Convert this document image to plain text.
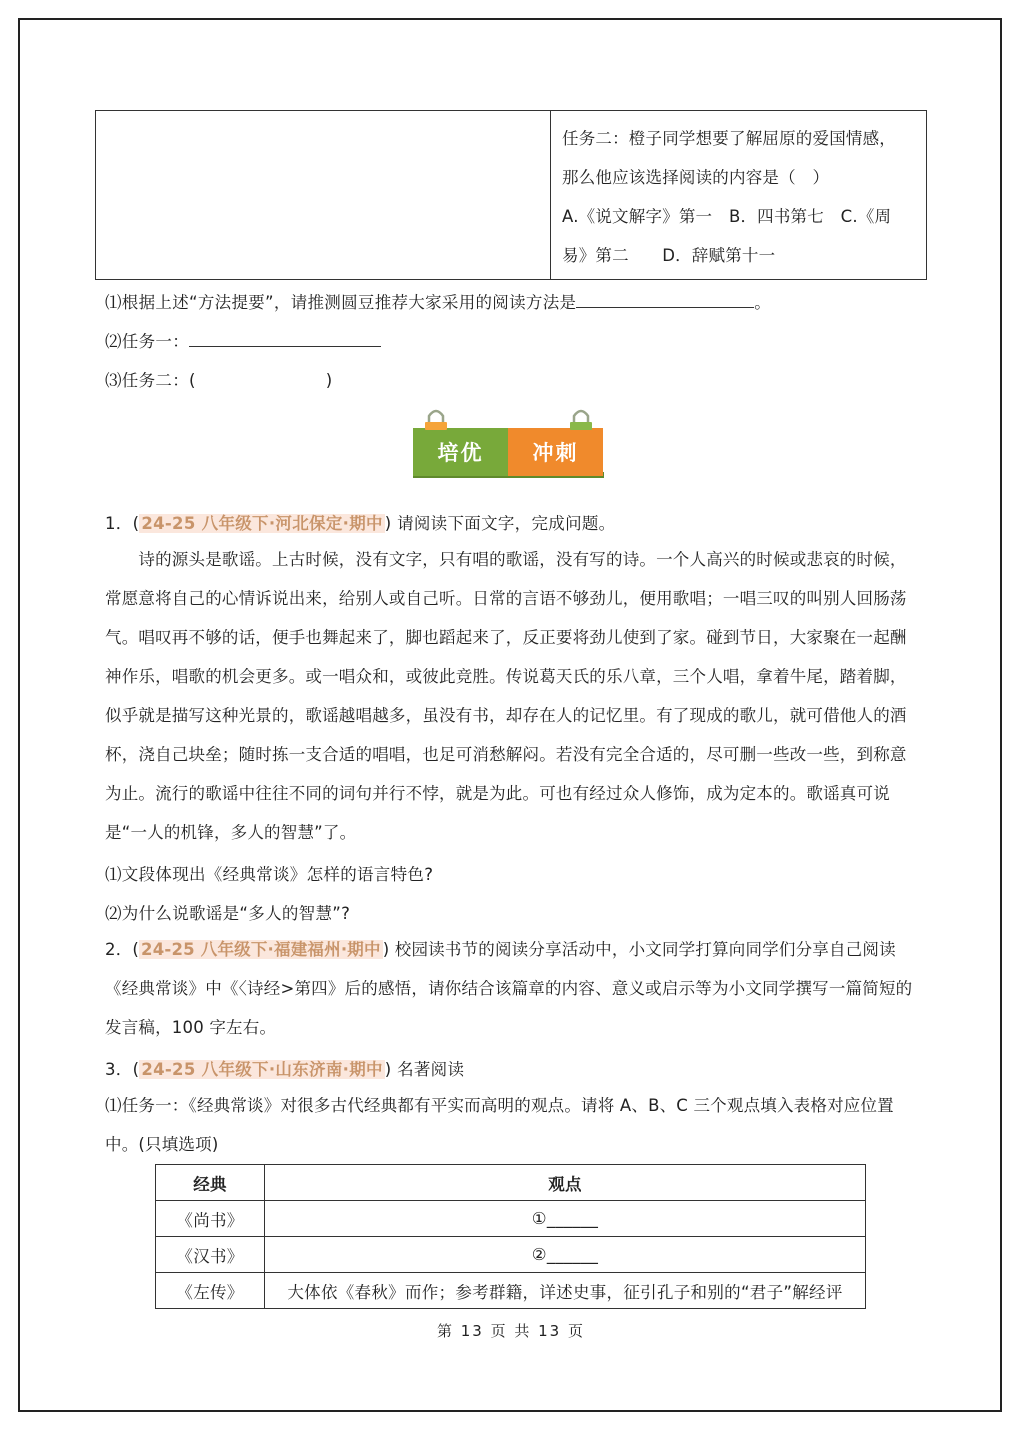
任务二：橙子同学想要了解屈原的爱国情感，
那么他应该选择阅读的内容是（　）
A.《说文解字》第一　B．四书第七　C.《周
易》第二　　D．辞赋第十一
⑴根据上述“方法提要”，请推测圆豆推荐大家采用的阅读方法是	。
⑵任务一：
⑶任务二：(	)
培优	冲刺
1．( 24-25 八年级下·河北保定·期中 ) 请阅读下面文字，完成问题。
　　诗的源头是歌谣。上古时候，没有文字，只有唱的歌谣，没有写的诗。一个人高兴的时候或悲哀的时候，常愿意将自己的心情诉说出来，给别人或自己听。日常的言语不够劲儿，便用歌唱；一唱三叹的叫别人回肠荡气。唱叹再不够的话，便手也舞起来了，脚也蹈起来了，反正要将劲儿使到了家。碰到节日，大家聚在一起酬神作乐，唱歌的机会更多。或一唱众和，或彼此竞胜。传说葛天氏的乐八章，三个人唱，拿着牛尾，踏着脚，似乎就是描写这种光景的，歌谣越唱越多，虽没有书，却存在人的记忆里。有了现成的歌儿，就可借他人的酒杯，浇自己块垒；随时拣一支合适的唱唱，也足可消愁解闷。若没有完全合适的，尽可删一些改一些，到称意为止。流行的歌谣中往往不同的词句并行不悖，就是为此。可也有经过众人修饰，成为定本的。歌谣真可说是“一人的机锋，多人的智慧”了。
⑴文段体现出《经典常谈》怎样的语言特色?
⑵为什么说歌谣是“多人的智慧”?
2．( 24-25 八年级下·福建福州·期中 ) 校园读书节的阅读分享活动中，小文同学打算向同学们分享自己阅读《经典常谈》中《〈诗经>第四》后的感悟，请你结合该篇章的内容、意义或启示等为小文同学撰写一篇简短的发言稿，100 字左右。
3．( 24-25 八年级下·山东济南·期中 ) 名著阅读
⑴任务一：《经典常谈》对很多古代经典都有平实而高明的观点。请将 A、B、C 三个观点填入表格对应位置中。(只填选项)
经典	观点
《尚书》	①______
《汉书》	②______
《左传》	大体依《春秋》而作；参考群籍，详述史事，征引孔子和别的“君子”解经评
第 13 页 共 13 页
